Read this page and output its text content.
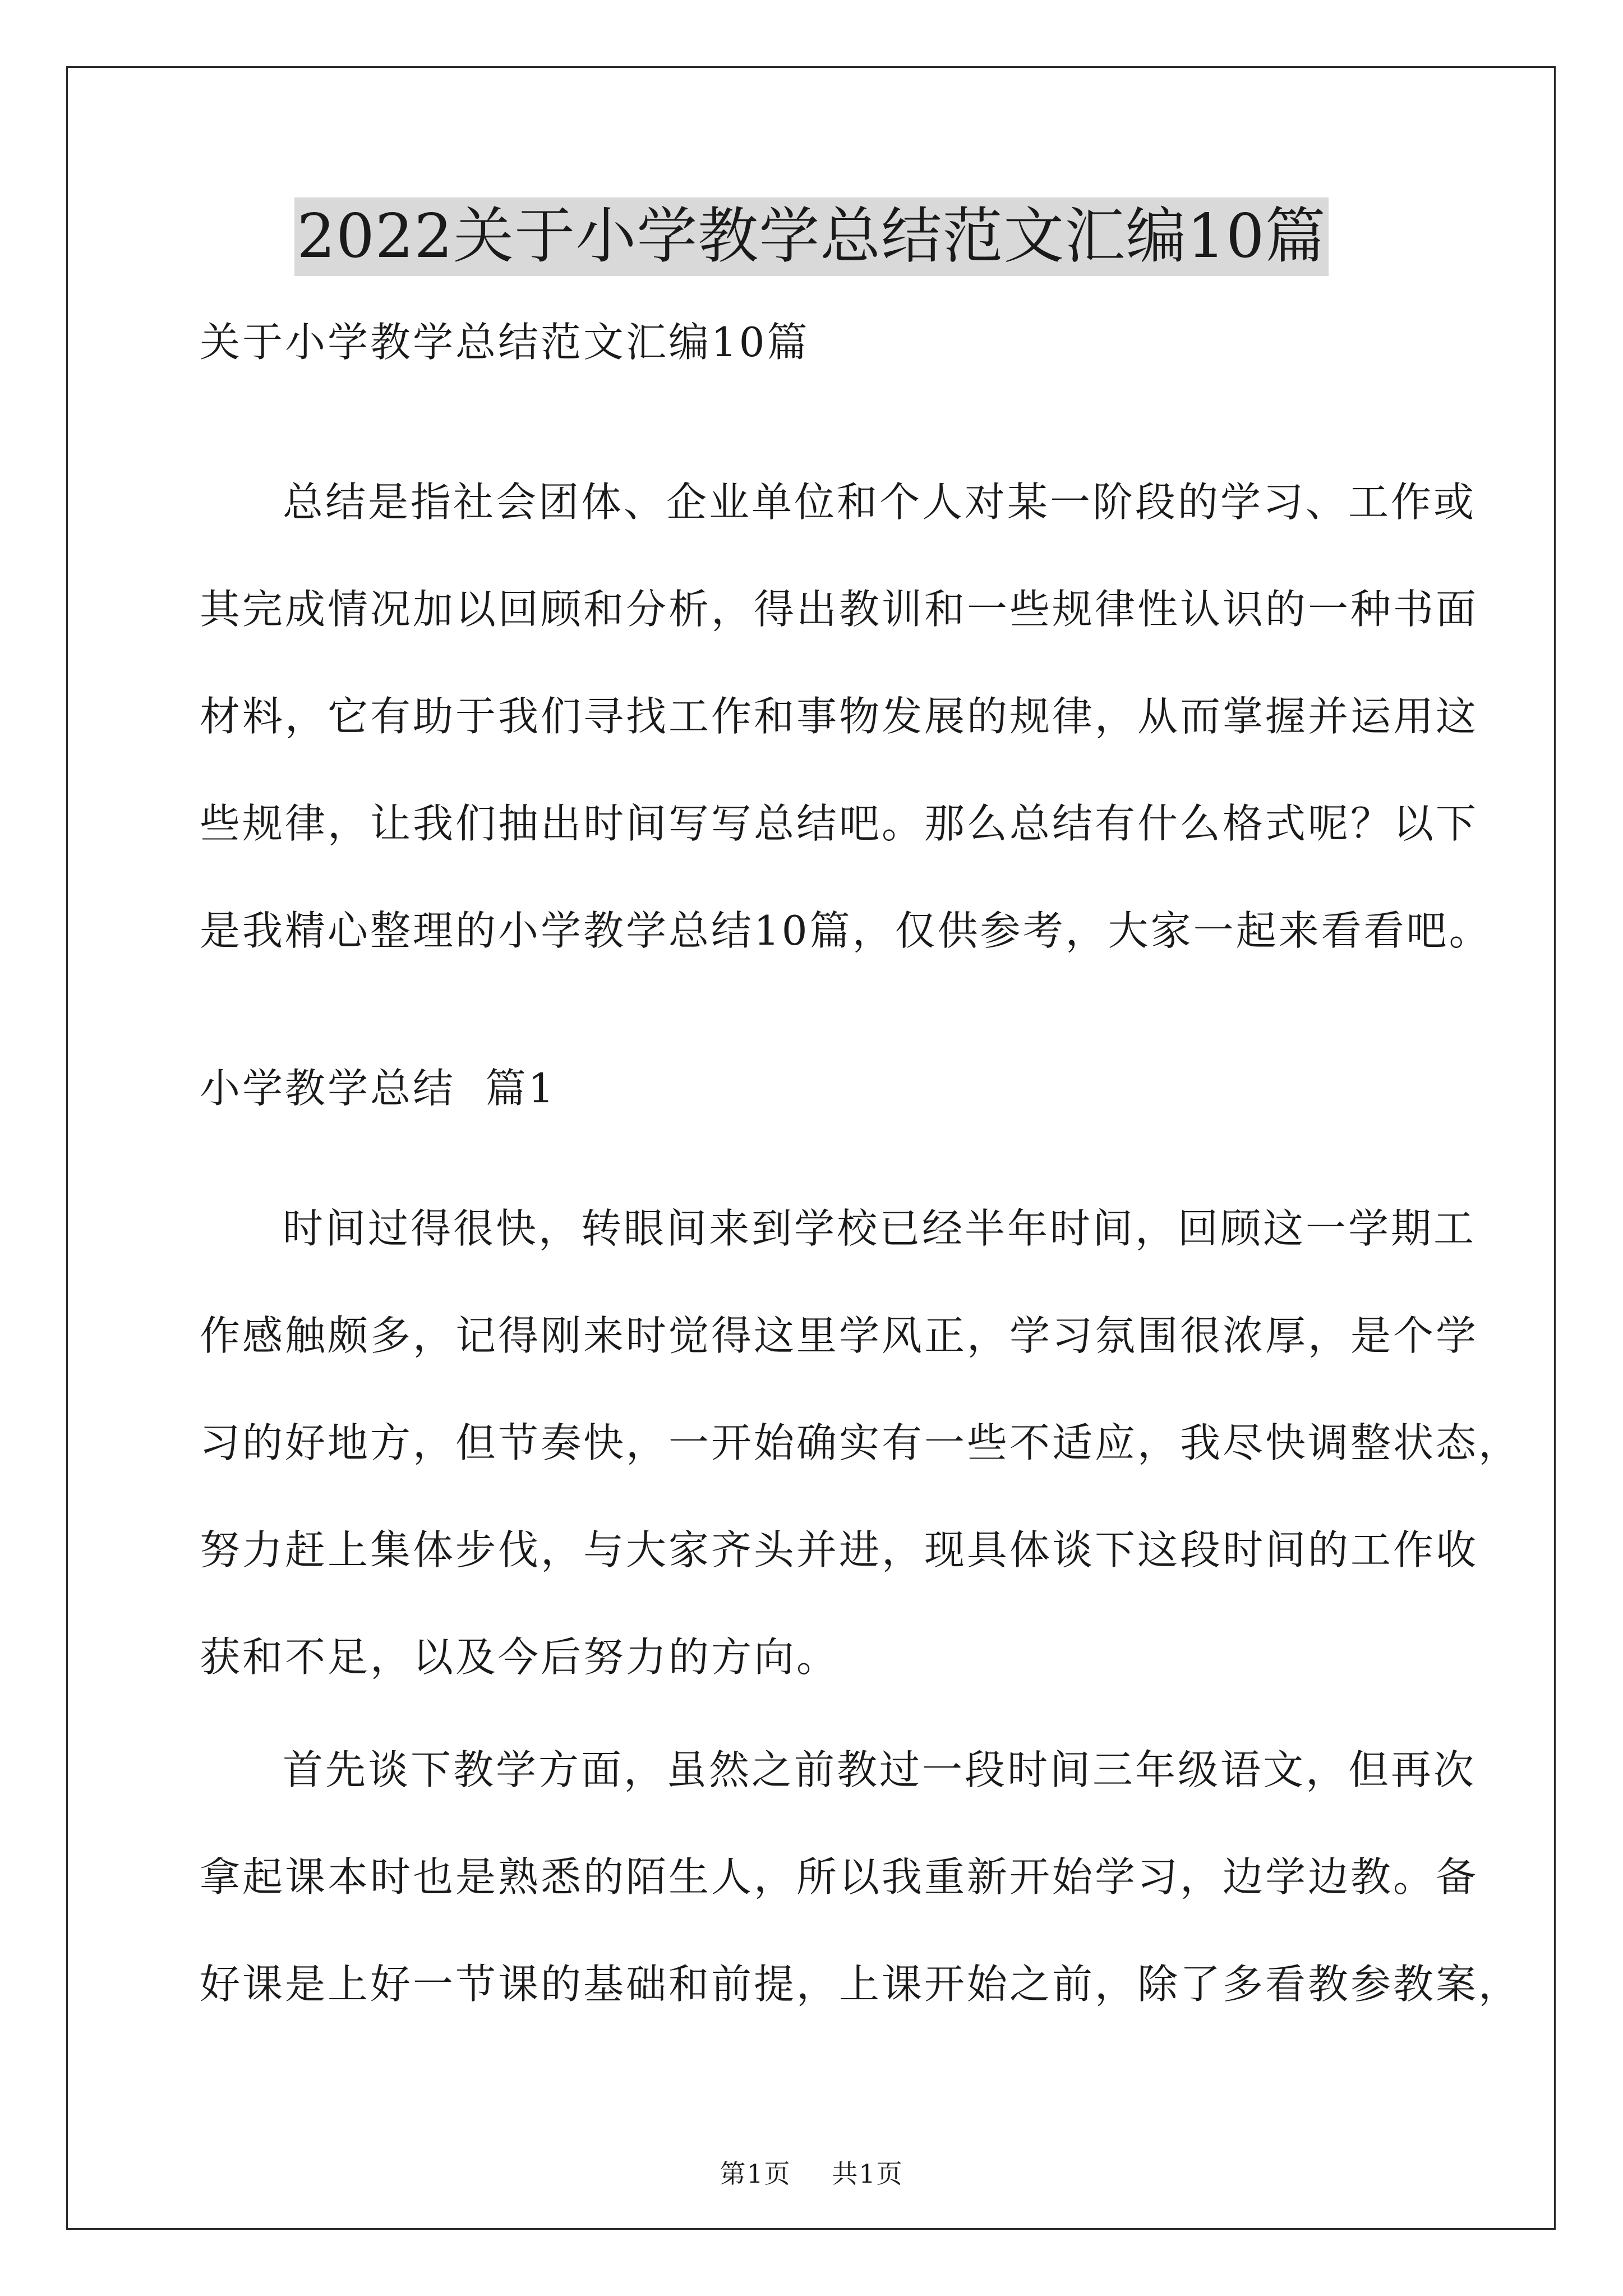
2022关于小学教学总结范文汇编10篇
关于小学教学总结范文汇编10篇
总结是指社会团体、企业单位和个人对某一阶段的学习、工作或
其完成情况加以回顾和分析，得出教训和一些规律性认识的一种书面
材料，它有助于我们寻找工作和事物发展的规律，从而掌握并运用这
些规律，让我们抽出时间写写总结吧。那么总结有什么格式呢？以下
是我精心整理的小学教学总结10篇，仅供参考，大家一起来看看吧。
小学教学总结  篇1
时间过得很快，转眼间来到学校已经半年时间，回顾这一学期工
作感触颇多，记得刚来时觉得这里学风正，学习氛围很浓厚，是个学
习的好地方，但节奏快，一开始确实有一些不适应，我尽快调整状态，
努力赶上集体步伐，与大家齐头并进，现具体谈下这段时间的工作收
获和不足，以及今后努力的方向。
首先谈下教学方面，虽然之前教过一段时间三年级语文，但再次
拿起课本时也是熟悉的陌生人，所以我重新开始学习，边学边教。备
好课是上好一节课的基础和前提，上课开始之前，除了多看教参教案，
第1页 共1页
